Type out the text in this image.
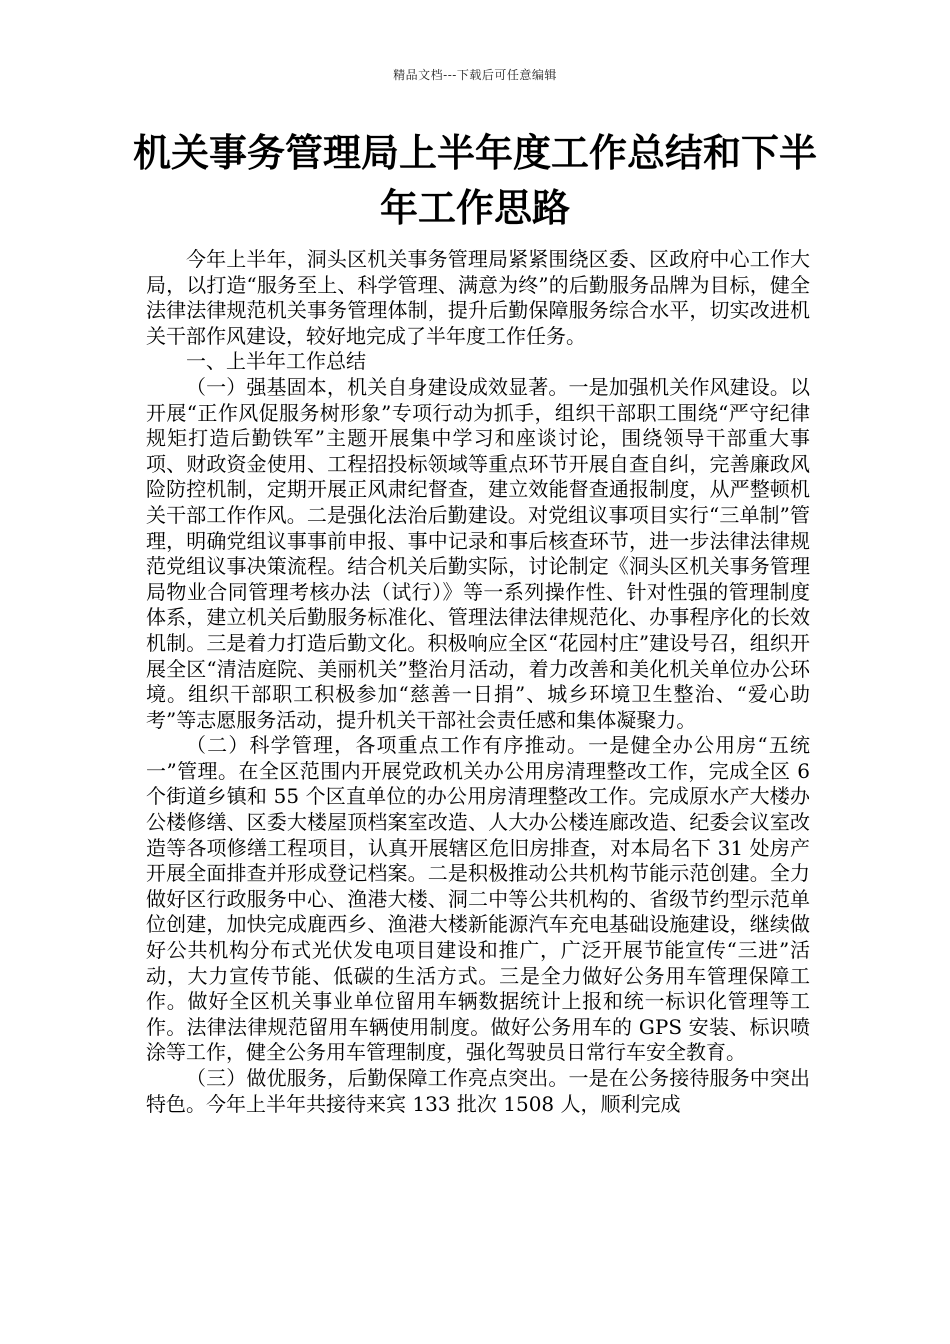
精品文档---下载后可任意编辑
机关事务管理局上半年度工作总结和下半年工作思路

今年上半年，洞头区机关事务管理局紧紧围绕区委、区政府中心工作大局，以打造“服务至上、科学管理、满意为终”的后勤服务品牌为目标，健全法律法律规范机关事务管理体制，提升后勤保障服务综合水平，切实改进机关干部作风建设，较好地完成了半年度工作任务。

一、上半年工作总结

（一）强基固本，机关自身建设成效显著。一是加强机关作风建设。以开展“正作风促服务树形象”专项行动为抓手，组织干部职工围绕“严守纪律规矩打造后勤铁军”主题开展集中学习和座谈讨论，围绕领导干部重大事项、财政资金使用、工程招投标领域等重点环节开展自查自纠，完善廉政风险防控机制，定期开展正风肃纪督查，建立效能督查通报制度，从严整顿机关干部工作作风。二是强化法治后勤建设。对党组议事项目实行“三单制”管理，明确党组议事事前申报、事中记录和事后核查环节，进一步法律法律规范党组议事决策流程。结合机关后勤实际，讨论制定《洞头区机关事务管理局物业合同管理考核办法（试行）》等一系列操作性、针对性强的管理制度体系，建立机关后勤服务标准化、管理法律法律规范化、办事程序化的长效机制。三是着力打造后勤文化。积极响应全区“花园村庄”建设号召，组织开展全区“清洁庭院、美丽机关”整治月活动，着力改善和美化机关单位办公环境。组织干部职工积极参加“慈善一日捐”、城乡环境卫生整治、“爱心助考”等志愿服务活动，提升机关干部社会责任感和集体凝聚力。

（二）科学管理，各项重点工作有序推动。一是健全办公用房“五统一”管理。在全区范围内开展党政机关办公用房清理整改工作，完成全区 6 个街道乡镇和 55 个区直单位的办公用房清理整改工作。完成原水产大楼办公楼修缮、区委大楼屋顶档案室改造、人大办公楼连廊改造、纪委会议室改造等各项修缮工程项目，认真开展辖区危旧房排查，对本局名下 31 处房产开展全面排查并形成登记档案。二是积极推动公共机构节能示范创建。全力做好区行政服务中心、渔港大楼、洞二中等公共机构的、省级节约型示范单位创建，加快完成鹿西乡、渔港大楼新能源汽车充电基础设施建设，继续做好公共机构分布式光伏发电项目建设和推广，广泛开展节能宣传“三进”活动，大力宣传节能、低碳的生活方式。三是全力做好公务用车管理保障工作。做好全区机关事业单位留用车辆数据统计上报和统一标识化管理等工作。法律法律规范留用车辆使用制度。做好公务用车的 GPS 安装、标识喷涂等工作，健全公务用车管理制度，强化驾驶员日常行车安全教育。

（三）做优服务，后勤保障工作亮点突出。一是在公务接待服务中突出特色。今年上半年共接待来宾 133 批次 1508 人，顺利完成
